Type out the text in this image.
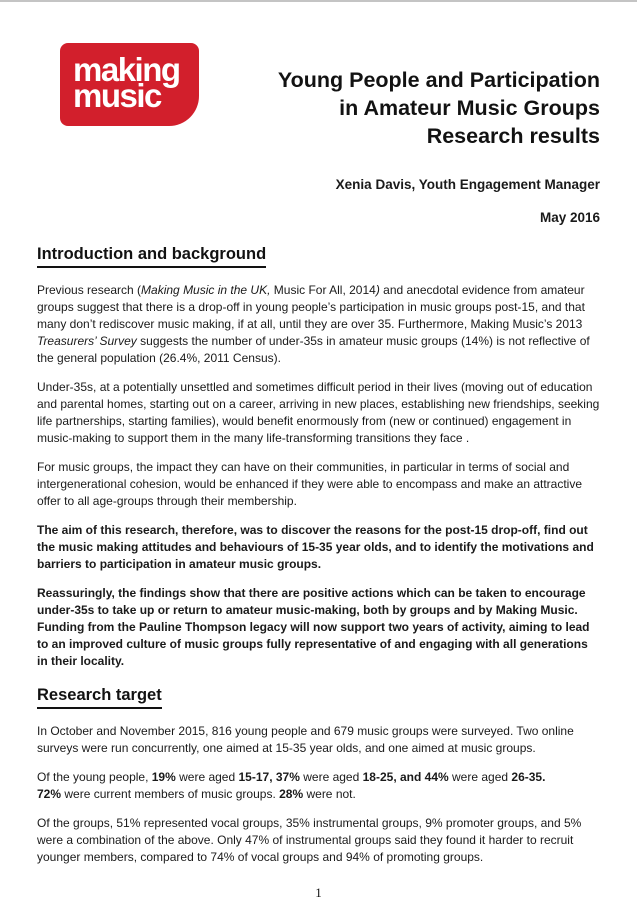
making
music	Young People and Participation
in Amateur Music Groups
Research results
Xenia Davis, Youth Engagement Manager
May 2016
Introduction and background

Previous research (Making Music in the UK, Music For All, 2014) and anecdotal evidence from amateur groups suggest that there is a drop-off in young people’s participation in music groups post-15, and that many don’t rediscover music making, if at all, until they are over 35. Furthermore, Making Music’s 2013 Treasurers’ Survey suggests the number of under-35s in amateur music groups (14%) is not reflective of the general population (26.4%, 2011 Census).

Under-35s, at a potentially unsettled and sometimes difficult period in their lives (moving out of education and parental homes, starting out on a career, arriving in new places, establishing new friendships, seeking life partnerships, starting families), would benefit enormously from (new or continued) engagement in music-making to support them in the many life-transforming transitions they face .

For music groups, the impact they can have on their communities, in particular in terms of social and intergenerational cohesion, would be enhanced if they were able to encompass and make an attractive offer to all age-groups through their membership.

The aim of this research, therefore, was to discover the reasons for the post-15 drop-off, find out the music making attitudes and behaviours of 15-35 year olds, and to identify the motivations and barriers to participation in amateur music groups.

Reassuringly, the findings show that there are positive actions which can be taken to encourage under-35s to take up or return to amateur music-making, both by groups and by Making Music. Funding from the Pauline Thompson legacy will now support two years of activity, aiming to lead to an improved culture of music groups fully representative of and engaging with all generations in their locality.

Research target

In October and November 2015, 816 young people and 679 music groups were surveyed. Two online surveys were run concurrently, one aimed at 15-35 year olds, and one aimed at music groups.

Of the young people, 19% were aged 15-17, 37% were aged 18-25, and 44% were aged 26-35.
72% were current members of music groups. 28% were not.

Of the groups, 51% represented vocal groups, 35% instrumental groups, 9% promoter groups, and 5% were a combination of the above. Only 47% of instrumental groups said they found it harder to recruit younger members, compared to 74% of vocal groups and 94% of promoting groups.

1
